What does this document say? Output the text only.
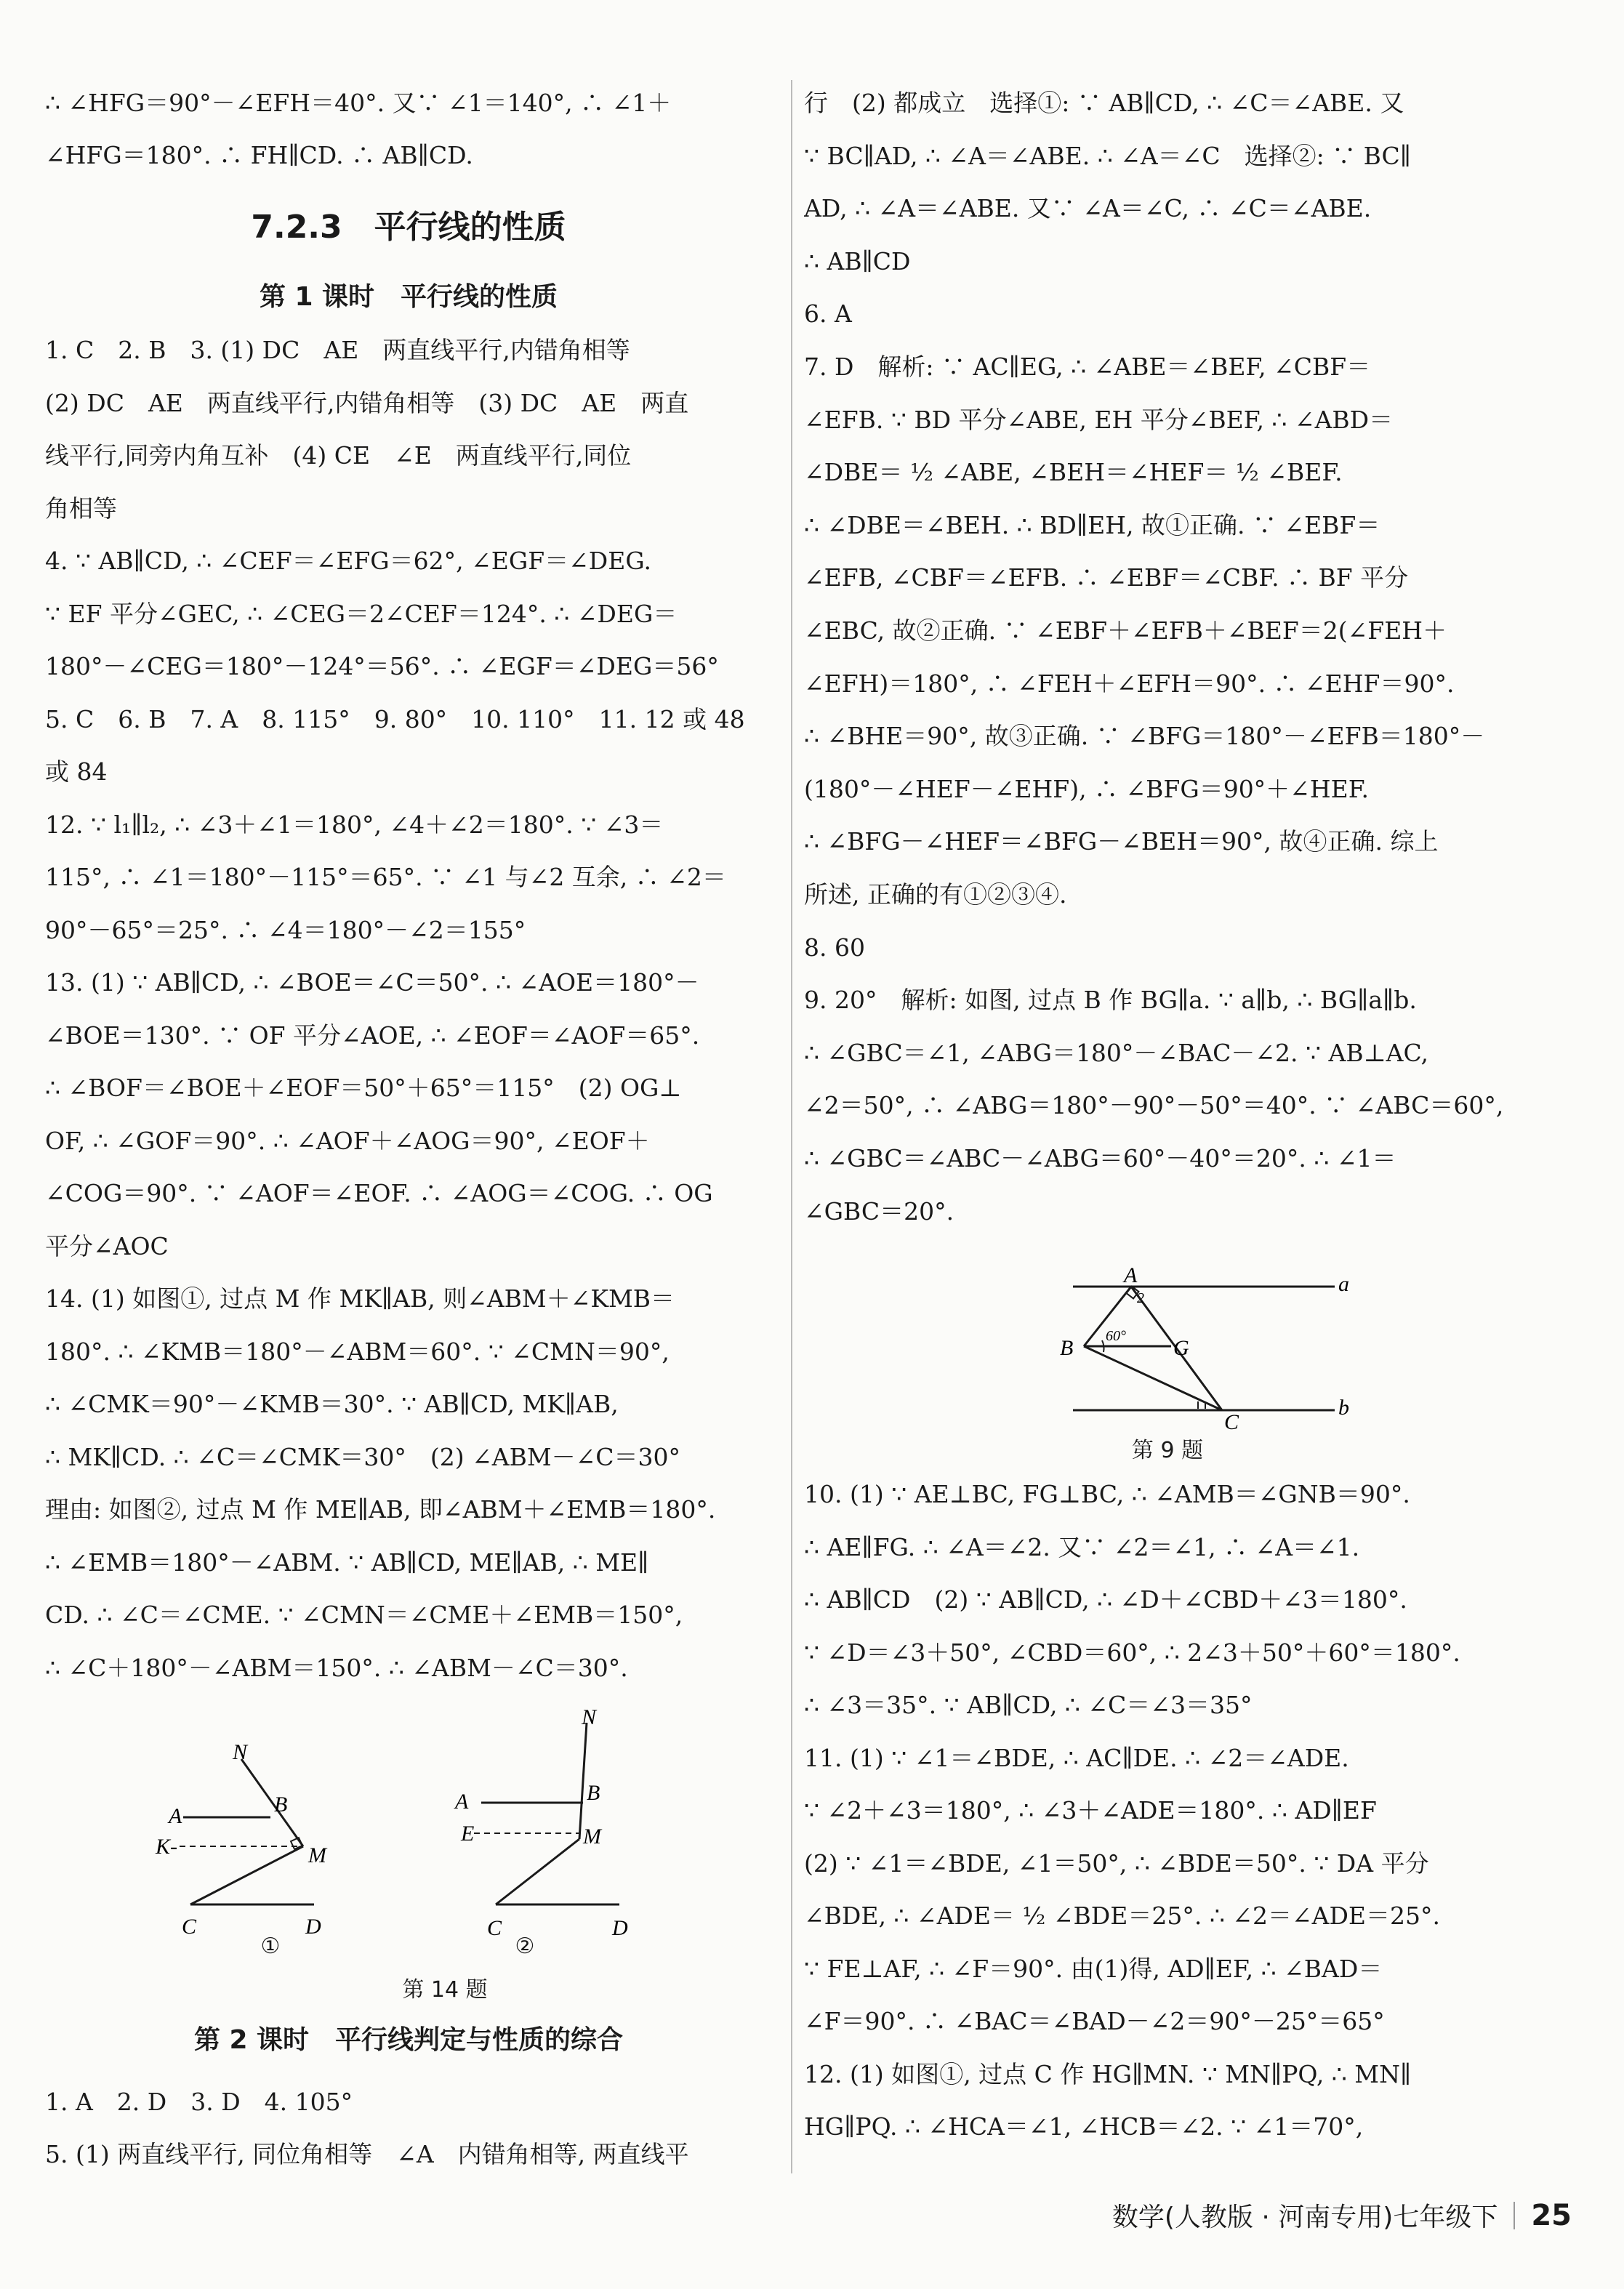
∴ ∠HFG＝90°－∠EFH＝40°. 又∵ ∠1＝140°, ∴ ∠1＋
∠HFG＝180°. ∴ FH∥CD. ∴ AB∥CD.
7.2.3　平行线的性质
第 1 课时　平行线的性质
1. C　2. B　3. (1) DC　AE　两直线平行,内错角相等
(2) DC　AE　两直线平行,内错角相等　(3) DC　AE　两直
线平行,同旁内角互补　(4) CE　∠E　两直线平行,同位
角相等
4. ∵ AB∥CD, ∴ ∠CEF＝∠EFG＝62°, ∠EGF＝∠DEG.
∵ EF 平分∠GEC, ∴ ∠CEG＝2∠CEF＝124°. ∴ ∠DEG＝
180°－∠CEG＝180°－124°＝56°. ∴ ∠EGF＝∠DEG＝56°
5. C　6. B　7. A　8. 115°　9. 80°　10. 110°　11. 12 或 48
或 84
12. ∵ l₁∥l₂, ∴ ∠3＋∠1＝180°, ∠4＋∠2＝180°. ∵ ∠3＝
115°, ∴ ∠1＝180°－115°＝65°. ∵ ∠1 与∠2 互余, ∴ ∠2＝
90°－65°＝25°. ∴ ∠4＝180°－∠2＝155°
13. (1) ∵ AB∥CD, ∴ ∠BOE＝∠C＝50°. ∴ ∠AOE＝180°－
∠BOE＝130°. ∵ OF 平分∠AOE, ∴ ∠EOF＝∠AOF＝65°.
∴ ∠BOF＝∠BOE＋∠EOF＝50°＋65°＝115°　(2) OG⊥
OF, ∴ ∠GOF＝90°. ∴ ∠AOF＋∠AOG＝90°, ∠EOF＋
∠COG＝90°. ∵ ∠AOF＝∠EOF. ∴ ∠AOG＝∠COG. ∴ OG
平分∠AOC
14. (1) 如图①, 过点 M 作 MK∥AB, 则∠ABM＋∠KMB＝
180°. ∴ ∠KMB＝180°－∠ABM＝60°. ∵ ∠CMN＝90°,
∴ ∠CMK＝90°－∠KMB＝30°. ∵ AB∥CD, MK∥AB,
∴ MK∥CD. ∴ ∠C＝∠CMK＝30°　(2) ∠ABM－∠C＝30°
理由: 如图②, 过点 M 作 ME∥AB, 即∠ABM＋∠EMB＝180°.
∴ ∠EMB＝180°－∠ABM. ∵ AB∥CD, ME∥AB, ∴ ME∥
CD. ∴ ∠C＝∠CME. ∵ ∠CMN＝∠CME＋∠EMB＝150°,
∴ ∠C＋180°－∠ABM＝150°. ∴ ∠ABM－∠C＝30°.
N
A	B
K-	M
C	D
①
N
A	B
E	M
C	D
②
第 14 题
第 2 课时　平行线判定与性质的综合
1. A　2. D　3. D　4. 105°
5. (1) 两直线平行, 同位角相等　∠A　内错角相等, 两直线平
行　(2) 都成立　选择①: ∵ AB∥CD, ∴ ∠C＝∠ABE. 又
∵ BC∥AD, ∴ ∠A＝∠ABE. ∴ ∠A＝∠C　选择②: ∵ BC∥
AD, ∴ ∠A＝∠ABE. 又∵ ∠A＝∠C, ∴ ∠C＝∠ABE.
∴ AB∥CD
6. A
7. D　解析: ∵ AC∥EG, ∴ ∠ABE＝∠BEF, ∠CBF＝
∠EFB. ∵ BD 平分∠ABE, EH 平分∠BEF, ∴ ∠ABD＝
∠DBE＝ ½ ∠ABE, ∠BEH＝∠HEF＝ ½ ∠BEF.
∴ ∠DBE＝∠BEH. ∴ BD∥EH, 故①正确. ∵ ∠EBF＝
∠EFB, ∠CBF＝∠EFB. ∴ ∠EBF＝∠CBF. ∴ BF 平分
∠EBC, 故②正确. ∵ ∠EBF＋∠EFB＋∠BEF＝2(∠FEH＋
∠EFH)＝180°, ∴ ∠FEH＋∠EFH＝90°. ∴ ∠EHF＝90°.
∴ ∠BHE＝90°, 故③正确. ∵ ∠BFG＝180°－∠EFB＝180°－
(180°－∠HEF－∠EHF), ∴ ∠BFG＝90°＋∠HEF.
∴ ∠BFG－∠HEF＝∠BFG－∠BEH＝90°, 故④正确. 综上
所述, 正确的有①②③④.
8. 60
9. 20°　解析: 如图, 过点 B 作 BG∥a. ∵ a∥b, ∴ BG∥a∥b.
∴ ∠GBC＝∠1, ∠ABG＝180°－∠BAC－∠2. ∵ AB⊥AC,
∠2＝50°, ∴ ∠ABG＝180°－90°－50°＝40°. ∵ ∠ABC＝60°,
∴ ∠GBC＝∠ABC－∠ABG＝60°－40°＝20°. ∴ ∠1＝
∠GBC＝20°.
A
2
a
B 60° G
C
b
第 9 题
10. (1) ∵ AE⊥BC, FG⊥BC, ∴ ∠AMB＝∠GNB＝90°.
∴ AE∥FG. ∴ ∠A＝∠2. 又∵ ∠2＝∠1, ∴ ∠A＝∠1.
∴ AB∥CD　(2) ∵ AB∥CD, ∴ ∠D＋∠CBD＋∠3＝180°.
∵ ∠D＝∠3＋50°, ∠CBD＝60°, ∴ 2∠3＋50°＋60°＝180°.
∴ ∠3＝35°. ∵ AB∥CD, ∴ ∠C＝∠3＝35°
11. (1) ∵ ∠1＝∠BDE, ∴ AC∥DE. ∴ ∠2＝∠ADE.
∵ ∠2＋∠3＝180°, ∴ ∠3＋∠ADE＝180°. ∴ AD∥EF
(2) ∵ ∠1＝∠BDE, ∠1＝50°, ∴ ∠BDE＝50°. ∵ DA 平分
∠BDE, ∴ ∠ADE＝ ½ ∠BDE＝25°. ∴ ∠2＝∠ADE＝25°.
∵ FE⊥AF, ∴ ∠F＝90°. 由(1)得, AD∥EF, ∴ ∠BAD＝
∠F＝90°. ∴ ∠BAC＝∠BAD－∠2＝90°－25°＝65°
12. (1) 如图①, 过点 C 作 HG∥MN. ∵ MN∥PQ, ∴ MN∥
HG∥PQ. ∴ ∠HCA＝∠1, ∠HCB＝∠2. ∵ ∠1＝70°,
数学(人教版 · 河南专用)七年级下 25
